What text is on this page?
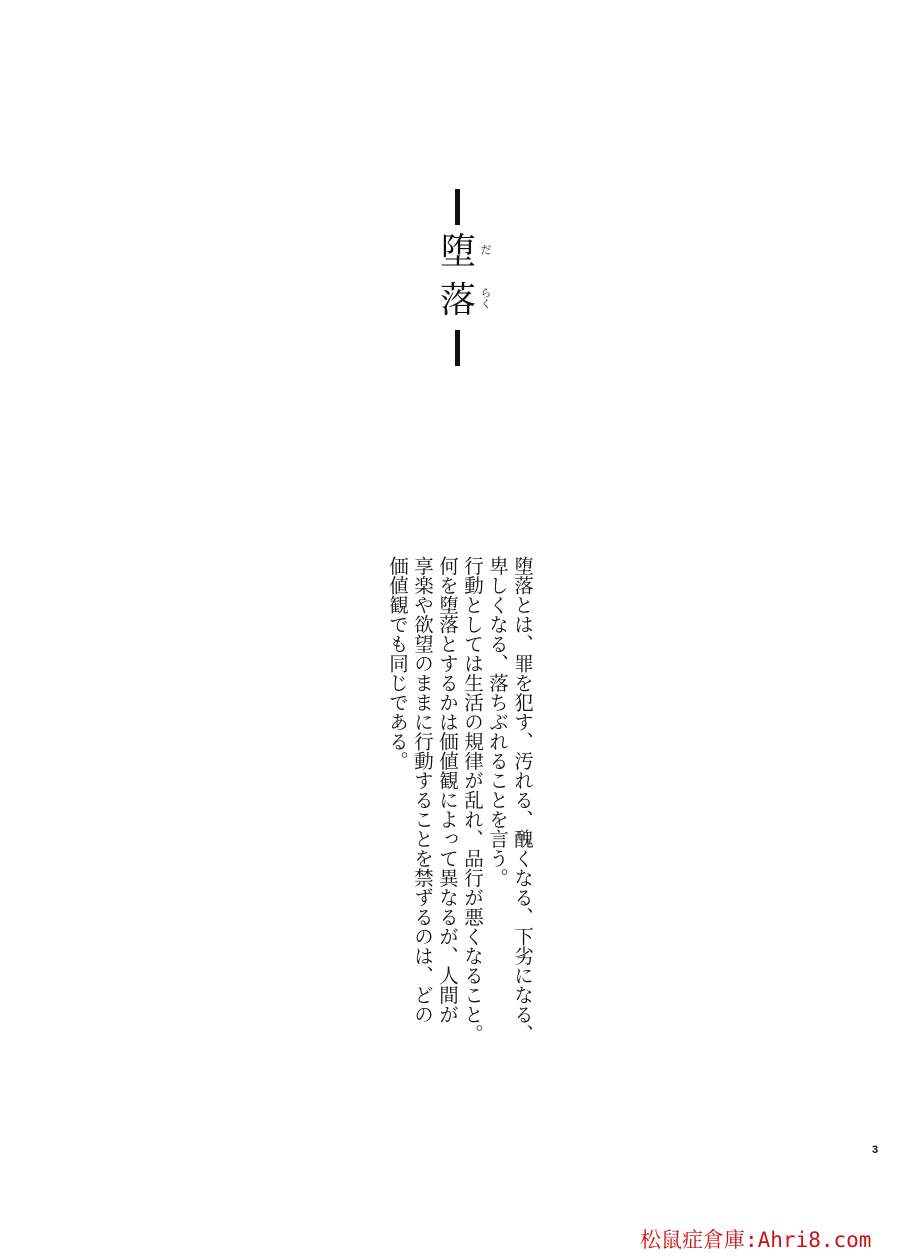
堕 だ
落 らく
堕落とは、罪を犯す、汚れる、醜くなる、下劣になる、
卑しくなる、落ちぶれることを言う。
行動としては生活の規律が乱れ、品行が悪くなること。
何を堕落とするかは価値観によって異なるが、人間が
享楽や欲望のままに行動することを禁ずるのは、どの
価値観でも同じである。
3
松鼠症倉庫:Ahri8.com
